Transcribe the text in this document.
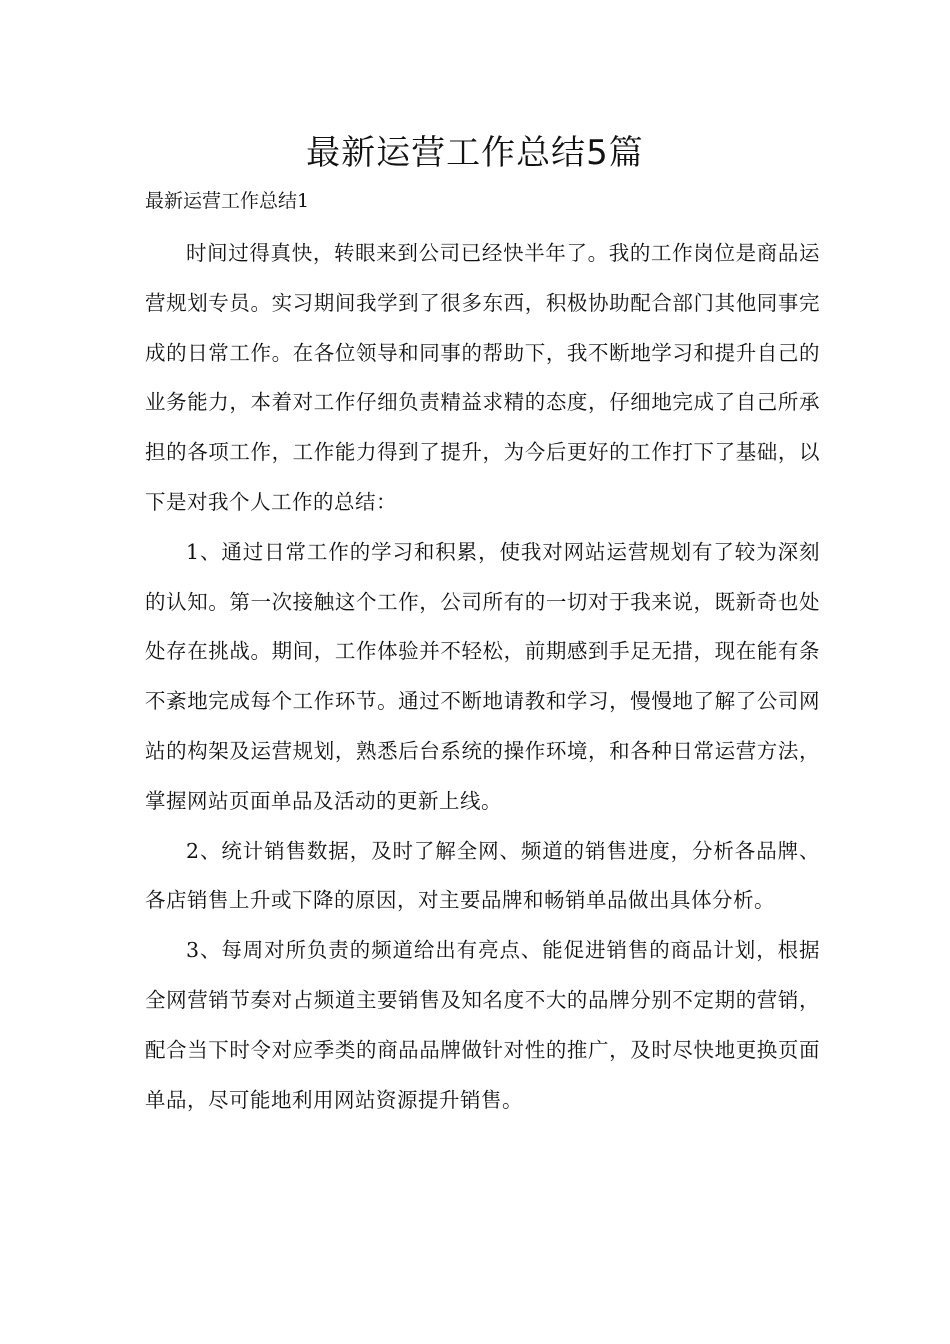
最新运营工作总结5篇
最新运营工作总结1

时间过得真快，转眼来到公司已经快半年了。我的工作岗位是商品运营规划专员。实习期间我学到了很多东西，积极协助配合部门其他同事完成的日常工作。在各位领导和同事的帮助下，我不断地学习和提升自己的业务能力，本着对工作仔细负责精益求精的态度，仔细地完成了自己所承担的各项工作，工作能力得到了提升，为今后更好的工作打下了基础，以下是对我个人工作的总结：

1、通过日常工作的学习和积累，使我对网站运营规划有了较为深刻的认知。第一次接触这个工作，公司所有的一切对于我来说，既新奇也处处存在挑战。期间，工作体验并不轻松，前期感到手足无措，现在能有条不紊地完成每个工作环节。通过不断地请教和学习，慢慢地了解了公司网站的构架及运营规划，熟悉后台系统的操作环境，和各种日常运营方法，掌握网站页面单品及活动的更新上线。

2、统计销售数据，及时了解全网、频道的销售进度，分析各品牌、各店销售上升或下降的原因，对主要品牌和畅销单品做出具体分析。

3、每周对所负责的频道给出有亮点、能促进销售的商品计划，根据全网营销节奏对占频道主要销售及知名度不大的品牌分别不定期的营销，配合当下时令对应季类的商品品牌做针对性的推广，及时尽快地更换页面单品，尽可能地利用网站资源提升销售。
